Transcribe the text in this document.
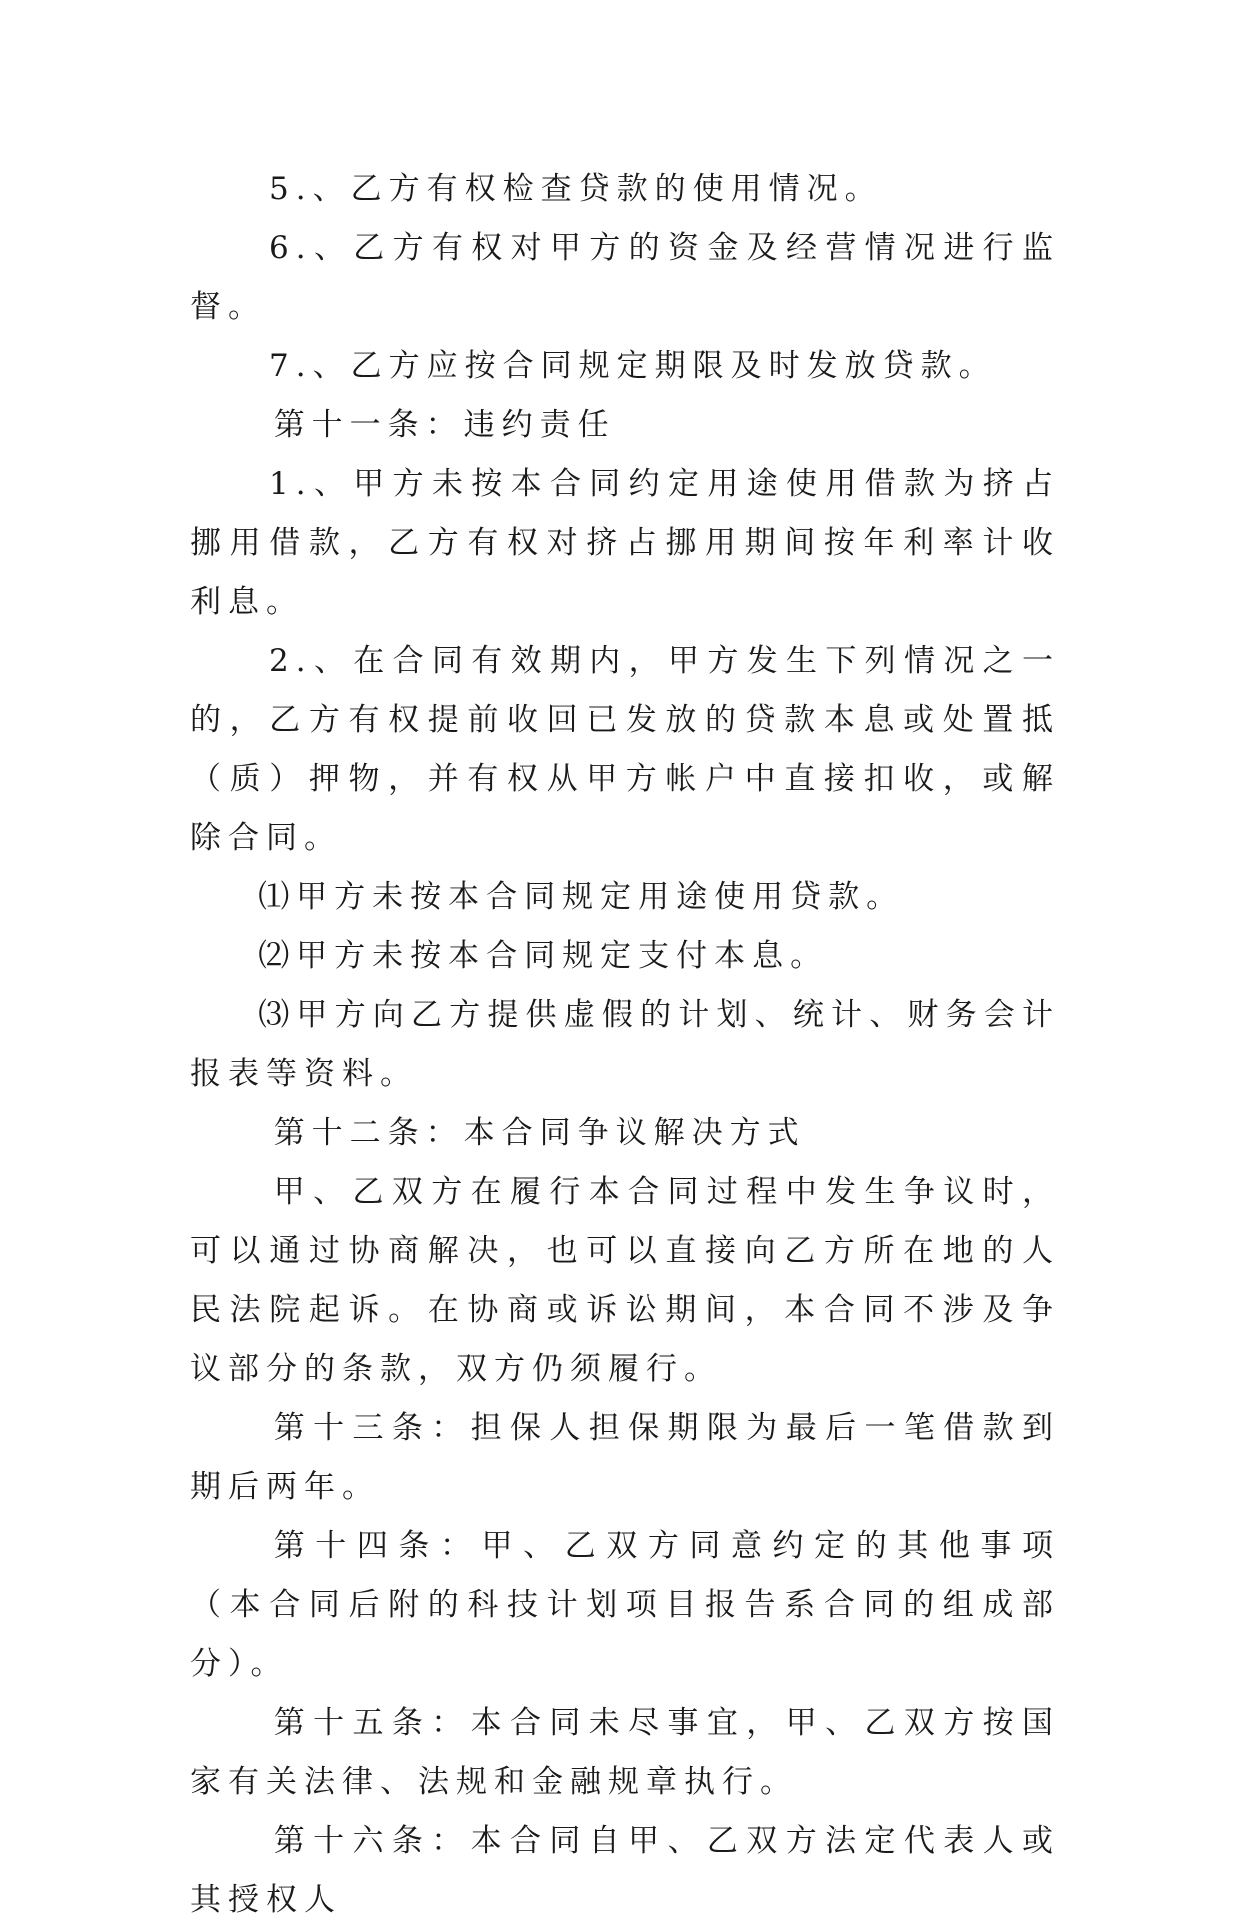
5.、乙方有权检查贷款的使用情况。

6.、乙方有权对甲方的资金及经营情况进行监督。

7.、乙方应按合同规定期限及时发放贷款。

第十一条：违约责任

1.、甲方未按本合同约定用途使用借款为挤占挪用借款，乙方有权对挤占挪用期间按年利率计收利息。

2.、在合同有效期内，甲方发生下列情况之一的，乙方有权提前收回已发放的贷款本息或处置抵（质）押物，并有权从甲方帐户中直接扣收，或解除合同。

⑴甲方未按本合同规定用途使用贷款。

⑵甲方未按本合同规定支付本息。

⑶甲方向乙方提供虚假的计划、统计、财务会计报表等资料。

第十二条：本合同争议解决方式

甲、乙双方在履行本合同过程中发生争议时，可以通过协商解决，也可以直接向乙方所在地的人民法院起诉。在协商或诉讼期间，本合同不涉及争议部分的条款，双方仍须履行。

第十三条：担保人担保期限为最后一笔借款到期后两年。

第十四条：甲、乙双方同意约定的其他事项（本合同后附的科技计划项目报告系合同的组成部分）。

第十五条：本合同未尽事宜，甲、乙双方按国家有关法律、法规和金融规章执行。

第十六条：本合同自甲、乙双方法定代表人或其授权人
